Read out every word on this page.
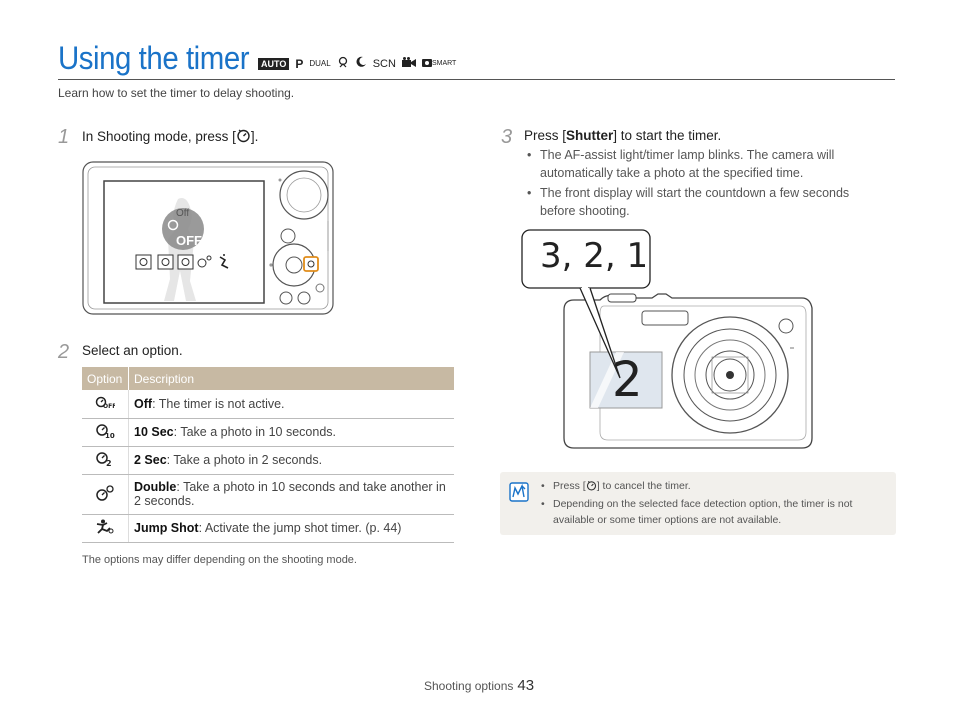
Using the timer	AUTO P DUAL	SCN	SMART
Learn how to set the timer to delay shooting.
1 In Shooting mode, press [ ].
Off
OFF
2 Select an option.
Option	Description

OFF	Off: The timer is not active.

10	10 Sec: Take a photo in 10 seconds.

2	2 Sec: Take a photo in 2 seconds.
	Double: Take a photo in 10 seconds and take another in 2 seconds.
	Jump Shot: Activate the jump shot timer. (p. 44)
The options may differ depending on the shooting mode.
3 Press [Shutter] to start the timer.
• The AF-assist light/timer lamp blinks. The camera will automatically take a photo at the specified time.
• The front display will start the countdown a few seconds before shooting.
3, 2, 1
2
• Press [ ] to cancel the timer.
• Depending on the selected face detection option, the timer is not available or some timer options are not available.
Shooting options 43
